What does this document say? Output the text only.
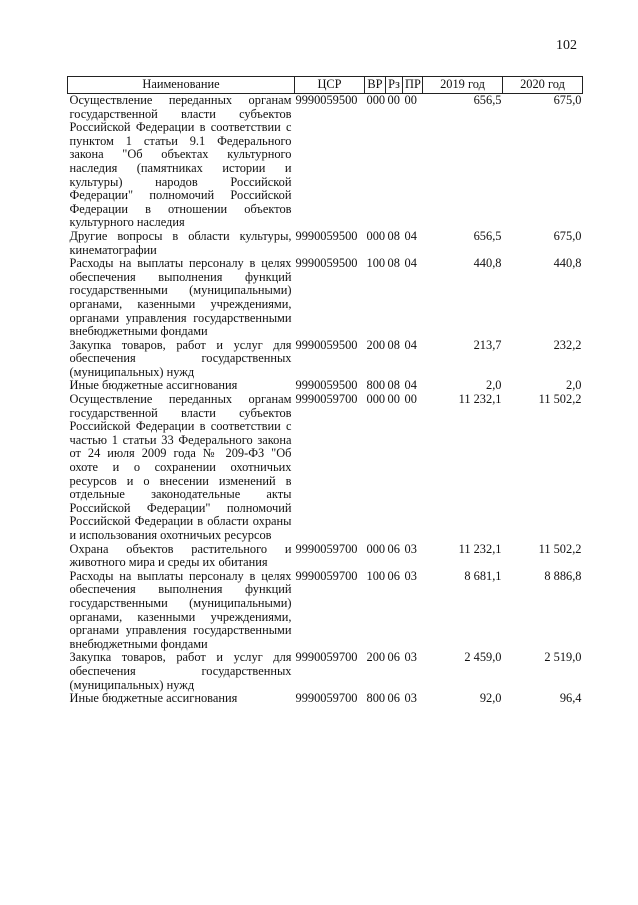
102
Наименование	ЦСР	ВР	Рз	ПР	2019 год	2020 год
Осуществление переданных органам государственной власти субъектов Российской Федерации в соответствии с пунктом 1 статьи 9.1 Федерального закона "Об объектах культурного наследия (памятниках истории и культуры) народов Российской Федерации" полномочий Российской Федерации в отношении объектов культурного наследия	9990059500	000	00	00	656,5	675,0
Другие вопросы в области культуры, кинематографии	9990059500	000	08	04	656,5	675,0
Расходы на выплаты персоналу в целях обеспечения выполнения функций государственными (муниципальными) органами, казенными учреждениями, органами управления государственными внебюджетными фондами	9990059500	100	08	04	440,8	440,8
Закупка товаров, работ и услуг для обеспечения государственных (муниципальных) нужд	9990059500	200	08	04	213,7	232,2
Иные бюджетные ассигнования	9990059500	800	08	04	2,0	2,0
Осуществление переданных органам государственной власти субъектов Российской Федерации в соответствии с частью 1 статьи 33 Федерального закона от 24 июля 2009 года № 209-ФЗ "Об охоте и о сохранении охотничьих ресурсов и о внесении изменений в отдельные законодательные акты Российской Федерации" полномочий Российской Федерации в области охраны и использования охотничьих ресурсов	9990059700	000	00	00	11 232,1	11 502,2
Охрана объектов растительного и животного мира и среды их обитания	9990059700	000	06	03	11 232,1	11 502,2
Расходы на выплаты персоналу в целях обеспечения выполнения функций государственными (муниципальными) органами, казенными учреждениями, органами управления государственными внебюджетными фондами	9990059700	100	06	03	8 681,1	8 886,8
Закупка товаров, работ и услуг для обеспечения государственных (муниципальных) нужд	9990059700	200	06	03	2 459,0	2 519,0
Иные бюджетные ассигнования	9990059700	800	06	03	92,0	96,4
